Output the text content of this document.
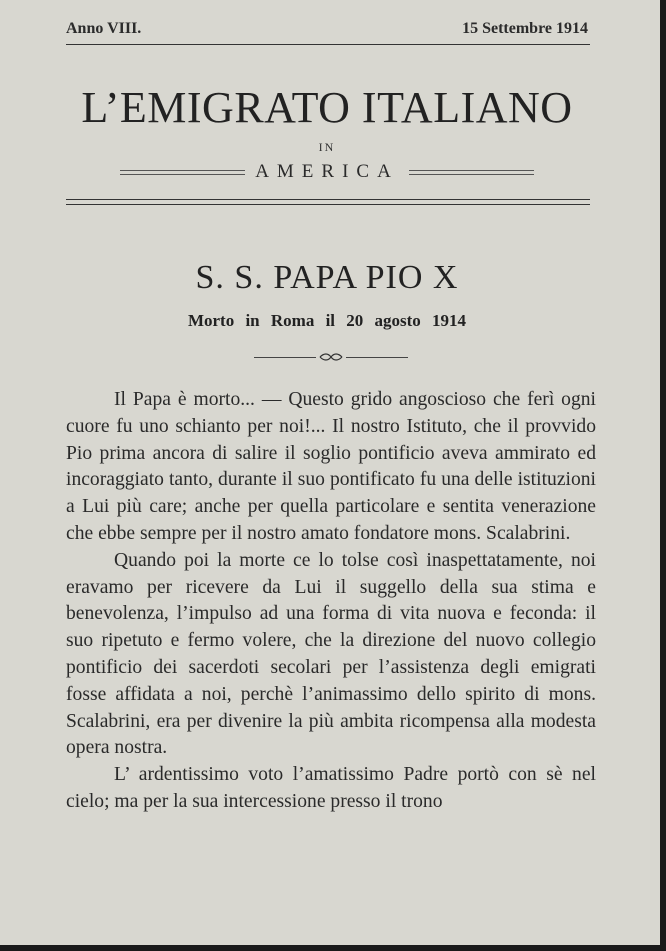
Anno VIII.	15 Settembre 1914
L’EMIGRATO ITALIANO
IN
AMERICA
S. S. PAPA PIO X
Morto in Roma il 20 agosto 1914

Il Papa è morto... — Questo grido angoscioso che ferì ogni cuore fu uno schianto per noi!... Il nostro Istituto, che il provvido Pio prima ancora di salire il soglio pontificio aveva ammirato ed incoraggiato tanto, durante il suo pontificato fu una delle istituzioni a Lui più care; anche per quella particolare e sentita venerazione che ebbe sempre per il nostro amato fondatore mons. Scalabrini.

Quando poi la morte ce lo tolse così inaspettatamente, noi eravamo per ricevere da Lui il suggello della sua stima e benevolenza, l’impulso ad una forma di vita nuova e feconda: il suo ripetuto e fermo volere, che la direzione del nuovo collegio pontificio dei sacerdoti secolari per l’assistenza degli emigrati fosse affidata a noi, perchè l’animassimo dello spirito di mons. Scalabrini, era per divenire la più ambita ricompensa alla modesta opera nostra.

L’ ardentissimo voto l’amatissimo Padre portò con sè nel cielo; ma per la sua intercessione presso il trono
